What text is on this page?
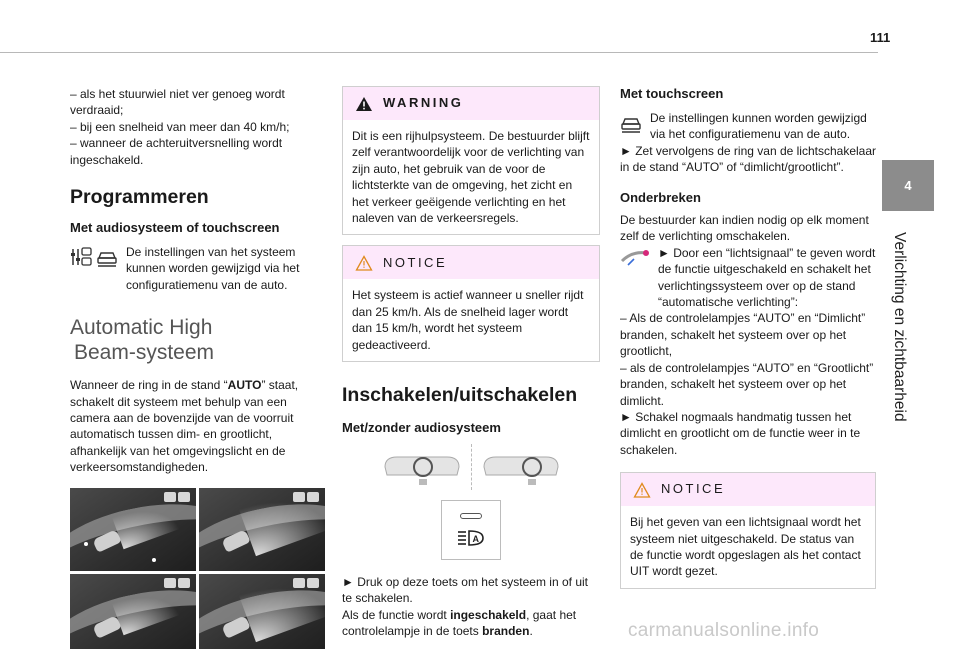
111
4
Verlichting en zichtbaarheid
– als het stuurwiel niet ver genoeg wordt verdraaid;
– bij een snelheid van meer dan 40 km/h;
– wanneer de achteruitversnelling wordt ingeschakeld.
Programmeren
Met audiosysteem of touchscreen
De instellingen van het systeem kunnen worden gewijzigd via het configuratiemenu van de auto.
Automatic High
Beam-systeem
Wanneer de ring in de stand “AUTO” staat, schakelt dit systeem met behulp van een camera aan de bovenzijde van de voorruit automatisch tussen dim- en grootlicht, afhankelijk van het omgevingslicht en de verkeersomstandigheden.
WARNING
Dit is een rijhulpsysteem. De bestuurder blijft zelf verantwoordelijk voor de verlichting van zijn auto, het gebruik van de voor de lichtsterkte van de omgeving, het zicht en het verkeer geëigende verlichting en het naleven van de verkeersregels.
NOTICE
Het systeem is actief wanneer u sneller rijdt dan 25 km/h. Als de snelheid lager wordt dan 15 km/h, wordt het systeem gedeactiveerd.
Inschakelen/uitschakelen
Met/zonder audiosysteem
A
► Druk op deze toets om het systeem in of uit te schakelen.
Als de functie wordt ingeschakeld, gaat het controlelampje in de toets branden.
Met touchscreen
De instellingen kunnen worden gewijzigd via het configuratiemenu van de auto.
► Zet vervolgens de ring van de lichtschakelaar in de stand “AUTO” of “dimlicht/grootlicht”.
Onderbreken
De bestuurder kan indien nodig op elk moment zelf de verlichting omschakelen.
► Door een “lichtsignaal” te geven wordt de functie uitgeschakeld en schakelt het verlichtingssysteem over op de stand “automatische verlichting”:
– Als de controlelampjes “AUTO” en “Dimlicht” branden, schakelt het systeem over op het grootlicht,
– als de controlelampjes “AUTO” en “Grootlicht” branden, schakelt het systeem over op het dimlicht.
► Schakel nogmaals handmatig tussen het dimlicht en grootlicht om de functie weer in te schakelen.
NOTICE
Bij het geven van een lichtsignaal wordt het systeem niet uitgeschakeld. De status van de functie wordt opgeslagen als het contact UIT wordt gezet.
carmanualsonline.info
